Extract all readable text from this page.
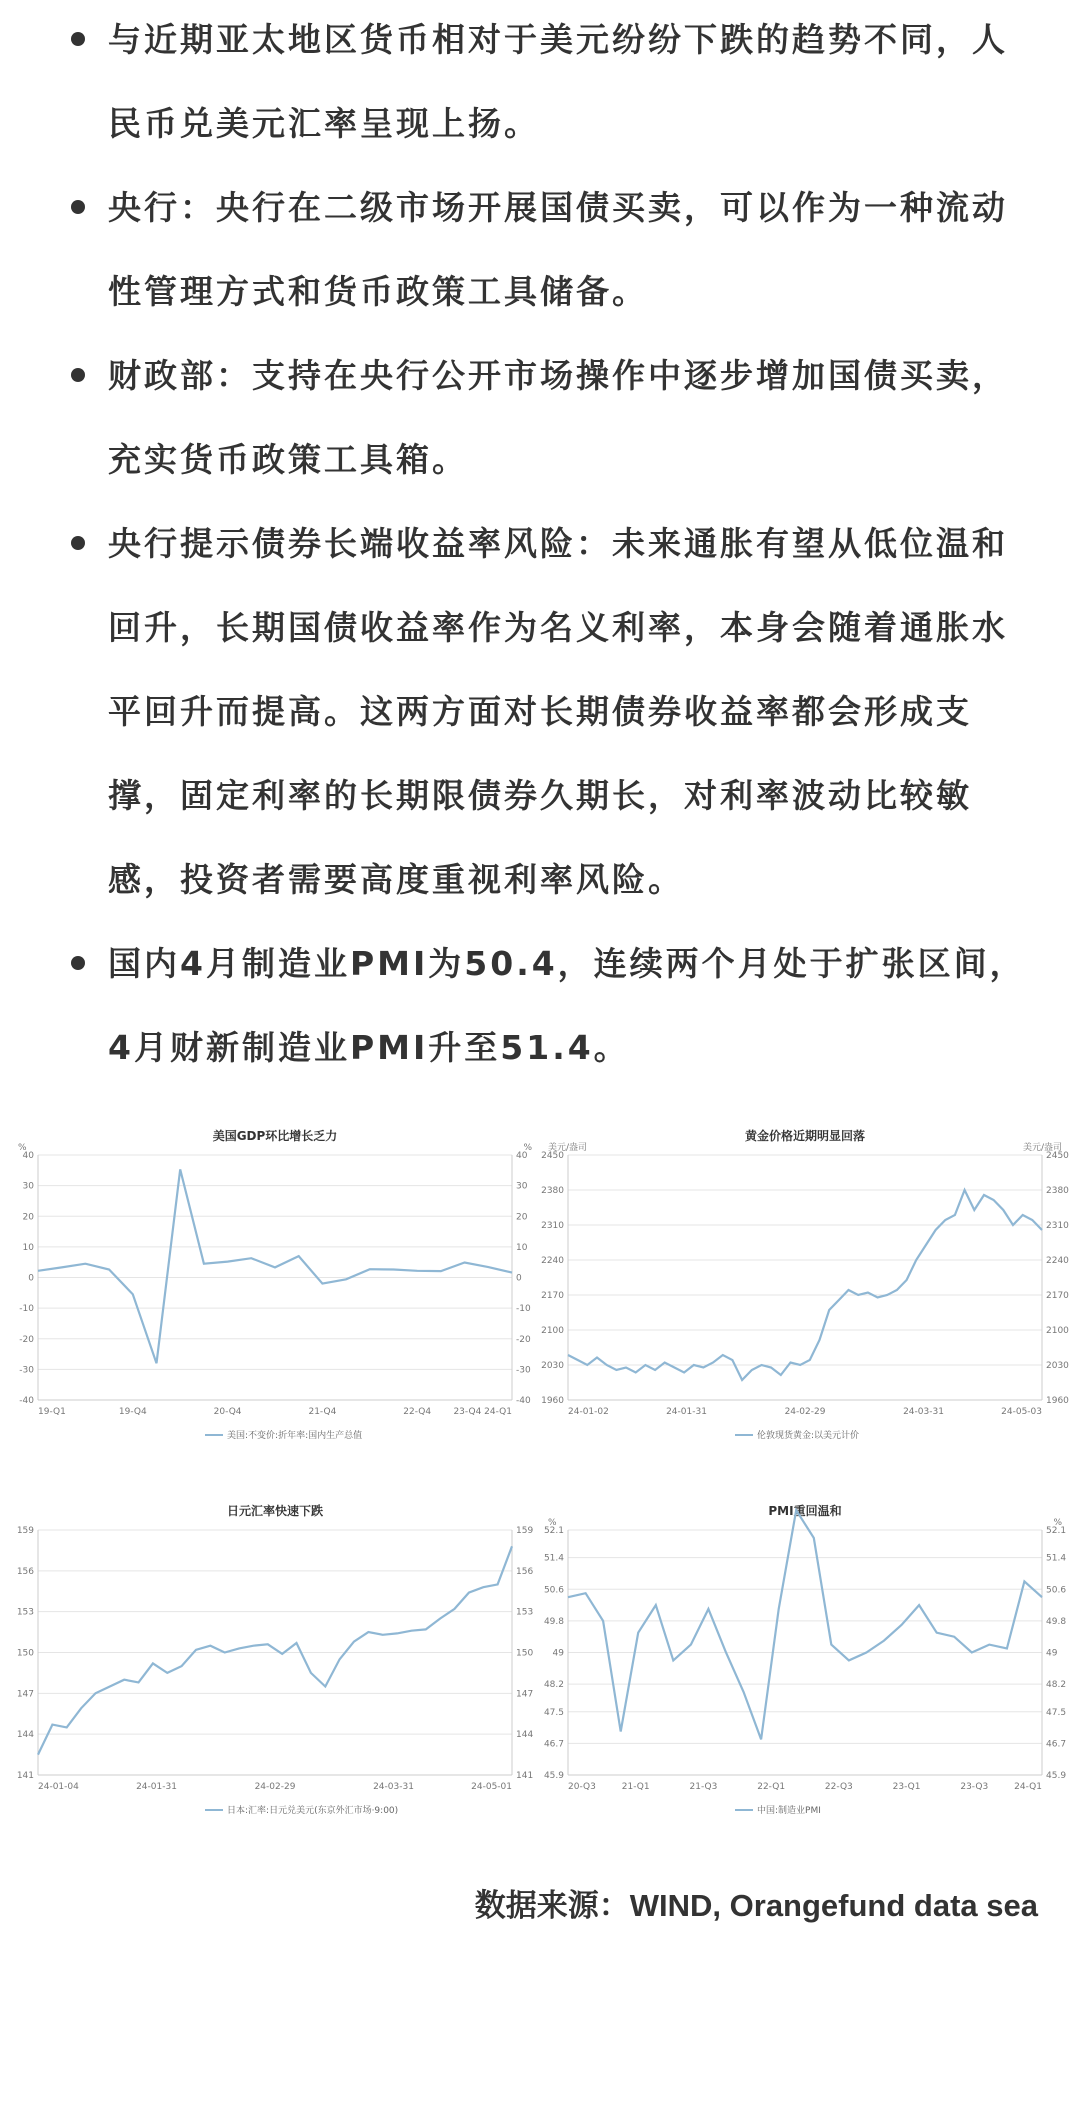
与近期亚太地区货币相对于美元纷纷下跌的趋势不同，人
民币兑美元汇率呈现上扬。
央行：央行在二级市场开展国债买卖，可以作为一种流动
性管理方式和货币政策工具储备。
财政部：支持在央行公开市场操作中逐步增加国债买卖，
充实货币政策工具箱。
央行提示债券长端收益率风险：未来通胀有望从低位温和
回升，长期国债收益率作为名义利率，本身会随着通胀水
平回升而提高。这两方面对长期债券收益率都会形成支
撑，固定利率的长期限债券久期长，对利率波动比较敏
感，投资者需要高度重视利率风险。
国内4月制造业PMI为50.4，连续两个月处于扩张区间，
4月财新制造业PMI升至51.4。
美国GDP环比增长乏力
%	%
40	40
30	30
20	20
10	10
0	0
-10	-10
-20	-20
-30	-30
-40	-40
19-Q1	19-Q4	20-Q4	21-Q4	22-Q4 23-Q4 24-Q1
美国:不变价:折年率:国内生产总值
黄金价格近期明显回落
美元/盎司	美元/盎司
2450	2450
2380	2380
2310	2310
2240	2240
2170	2170
2100	2100
2030	2030
1960	1960
24-01-02	24-01-31	24-02-29	24-03-31	24-05-03
伦敦现货黄金:以美元计价
日元汇率快速下跌
159	159
156	156
153	153
150	150
147	147
144	144
141	141
24-01-04	24-01-31	24-02-29	24-03-31	24-05-01
日本:汇率:日元兑美元(东京外汇市场·9:00)
PMI重回温和
%	%
52.1	52.1
51.4	51.4
50.6	50.6
49.8	49.8
49	49
48.2	48.2
47.5	47.5
46.7	46.7
45.9	45.9
20-Q3	21-Q1	21-Q3	22-Q1	22-Q3	23-Q1	23-Q3	24-Q1
中国:制造业PMI
数据来源：WIND, Orangefund data sea
